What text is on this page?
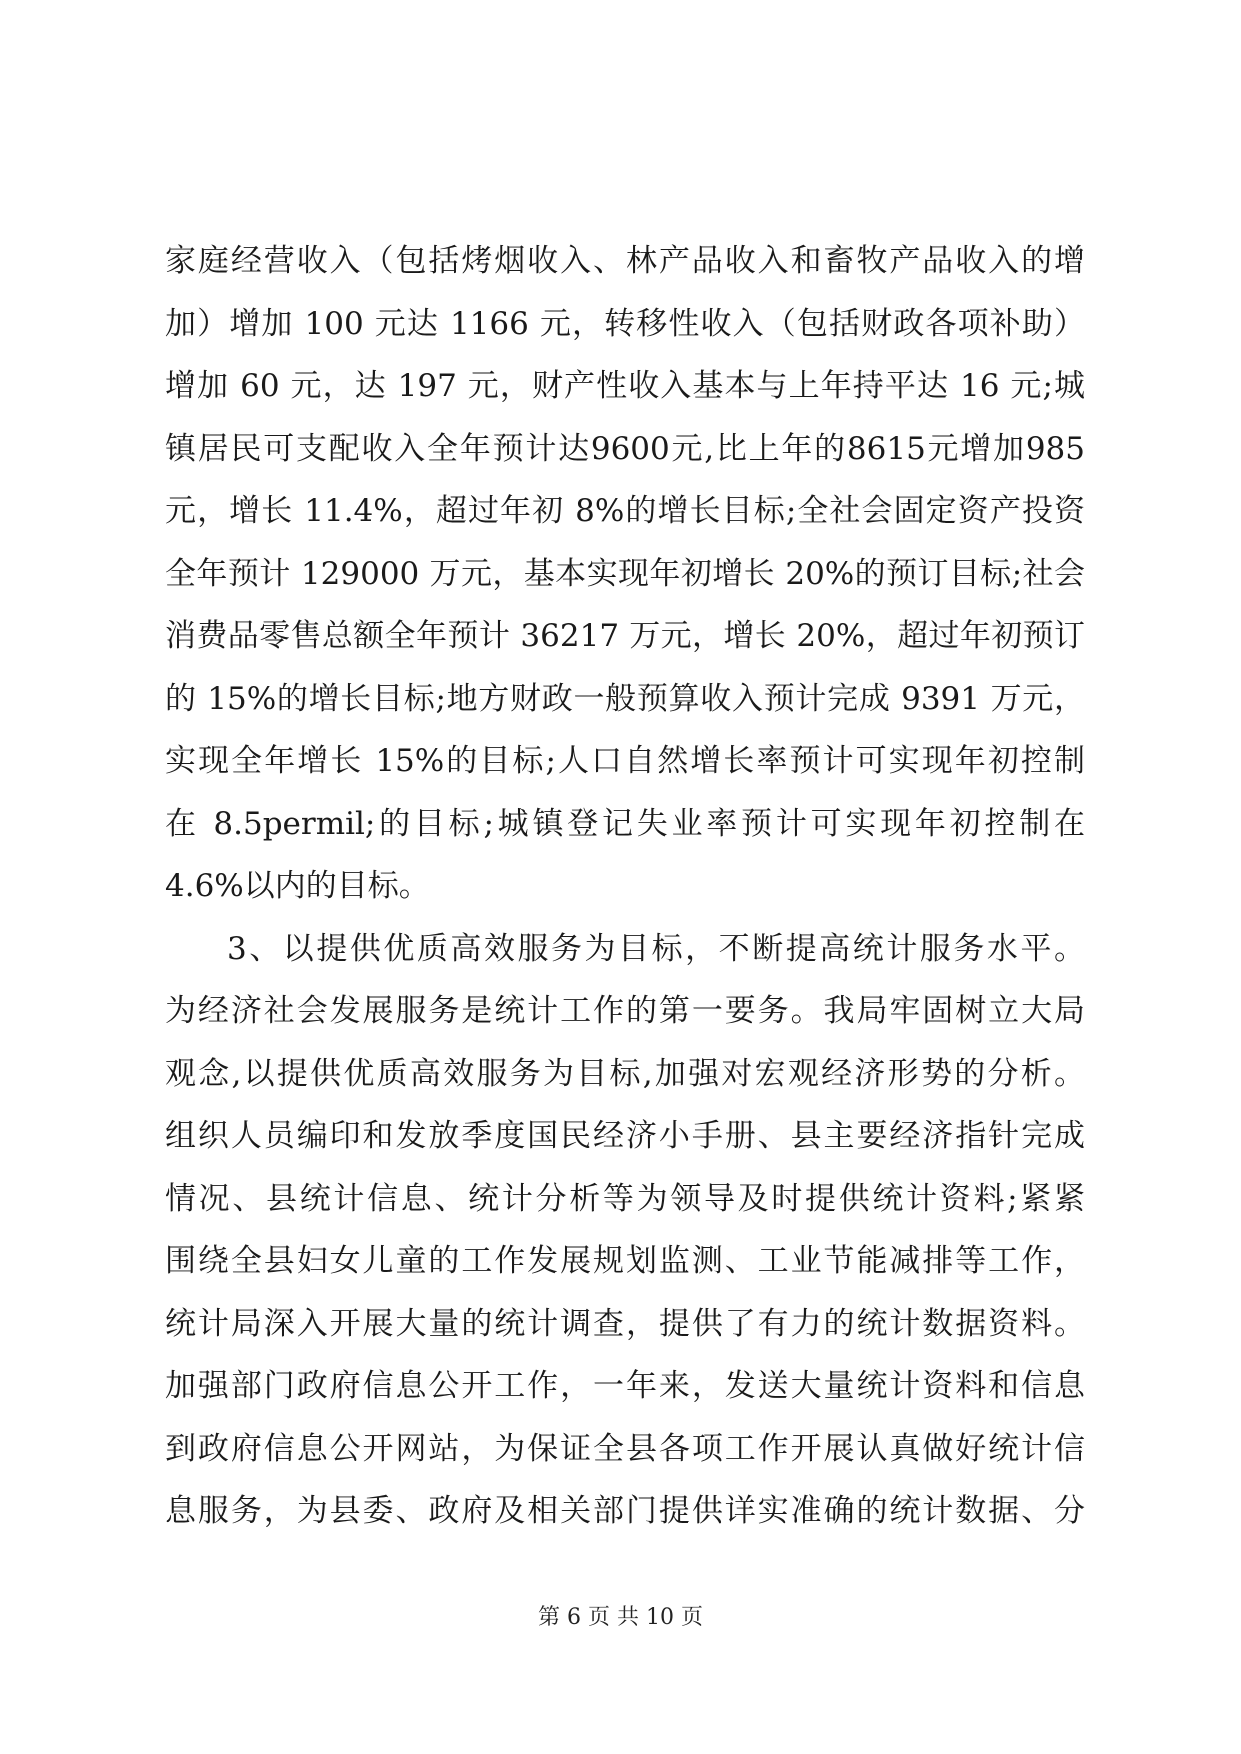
家庭经营收入（包括烤烟收入、林产品收入和畜牧产品收入的增
加）增加 100 元达 1166 元，转移性收入（包括财政各项补助）
增加 60 元，达 197 元，财产性收入基本与上年持平达 16 元;城
镇居民可支配收入全年预计达9600元,比上年的8615元增加985
元，增长 11.4%，超过年初 8%的增长目标;全社会固定资产投资
全年预计 129000 万元，基本实现年初增长 20%的预订目标;社会
消费品零售总额全年预计 36217 万元，增长 20%，超过年初预订
的 15%的增长目标;地方财政一般预算收入预计完成 9391 万元，
实现全年增长 15%的目标;人口自然增长率预计可实现年初控制
在 8.5permil;的目标;城镇登记失业率预计可实现年初控制在
4.6%以内的目标。
3、以提供优质高效服务为目标，不断提高统计服务水平。
为经济社会发展服务是统计工作的第一要务。我局牢固树立大局
观念,以提供优质高效服务为目标,加强对宏观经济形势的分析。
组织人员编印和发放季度国民经济小手册、县主要经济指针完成
情况、县统计信息、统计分析等为领导及时提供统计资料;紧紧
围绕全县妇女儿童的工作发展规划监测、工业节能减排等工作，
统计局深入开展大量的统计调查，提供了有力的统计数据资料。
加强部门政府信息公开工作，一年来，发送大量统计资料和信息
到政府信息公开网站，为保证全县各项工作开展认真做好统计信
息服务，为县委、政府及相关部门提供详实准确的统计数据、分
第 6 页 共 10 页
